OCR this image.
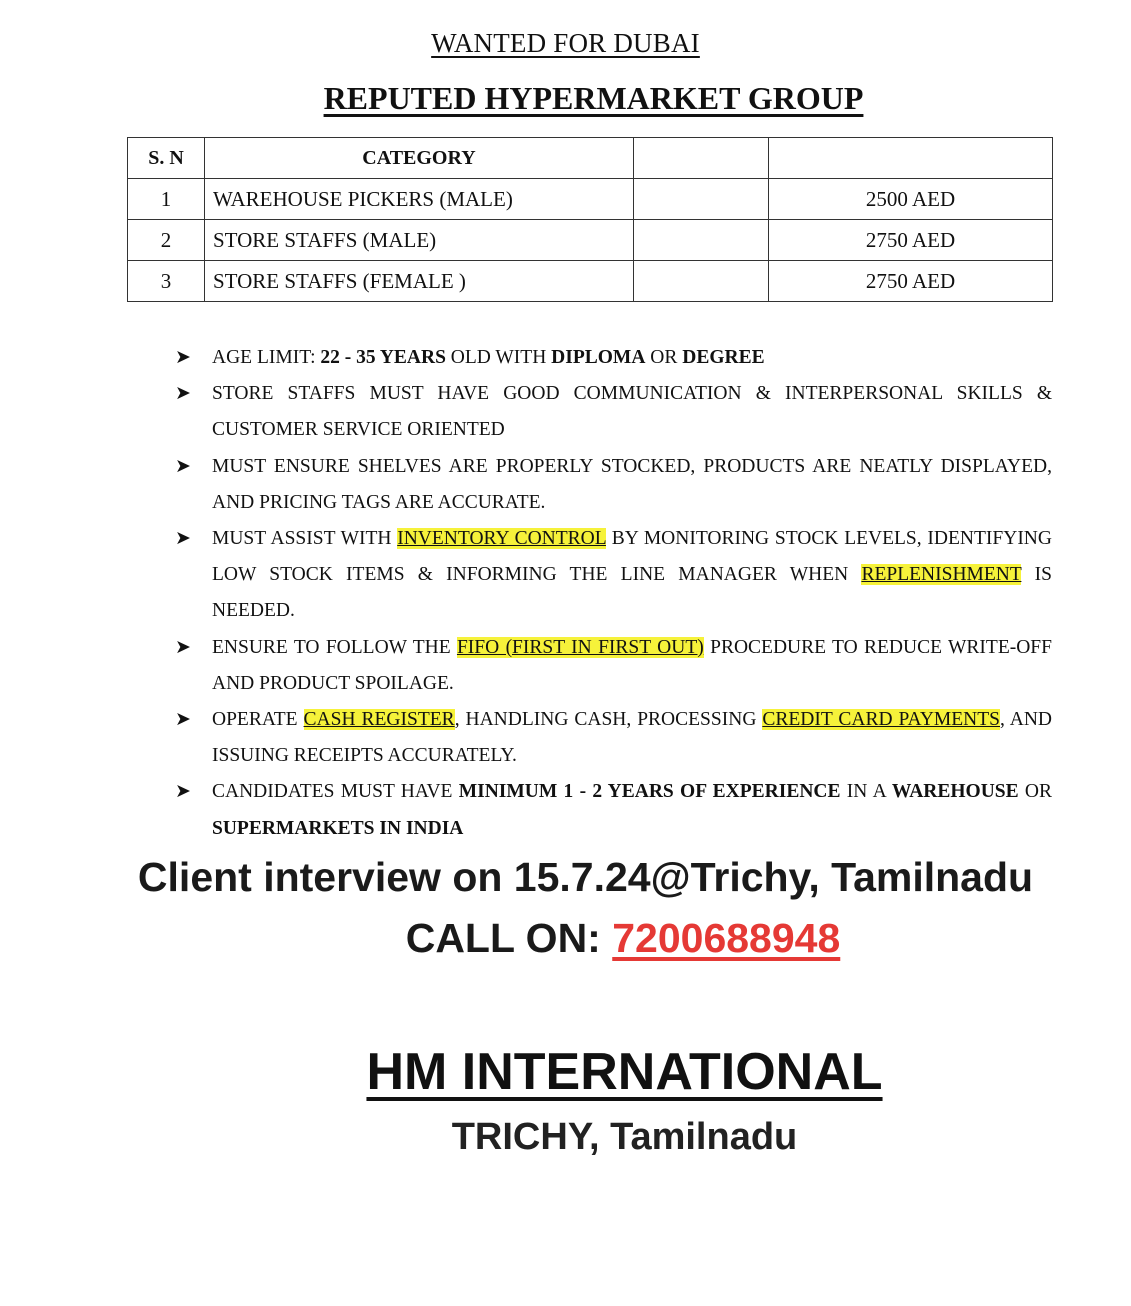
WANTED FOR DUBAI
REPUTED HYPERMARKET GROUP
S. N	CATEGORY		
1	WAREHOUSE PICKERS (MALE)		2500 AED
2	STORE STAFFS (MALE)		2750 AED
3	STORE STAFFS (FEMALE )		2750 AED
➤ AGE LIMIT: 22 - 35 YEARS OLD WITH DIPLOMA OR DEGREE
➤ STORE STAFFS MUST HAVE GOOD COMMUNICATION & INTERPERSONAL SKILLS & CUSTOMER SERVICE ORIENTED
➤ MUST ENSURE SHELVES ARE PROPERLY STOCKED, PRODUCTS ARE NEATLY DISPLAYED, AND PRICING TAGS ARE ACCURATE.
➤ MUST ASSIST WITH INVENTORY CONTROL BY MONITORING STOCK LEVELS, IDENTIFYING LOW STOCK ITEMS & INFORMING THE LINE MANAGER WHEN REPLENISHMENT IS NEEDED.
➤ ENSURE TO FOLLOW THE FIFO (FIRST IN FIRST OUT) PROCEDURE TO REDUCE WRITE-OFF AND PRODUCT SPOILAGE.
➤ OPERATE CASH REGISTER, HANDLING CASH, PROCESSING CREDIT CARD PAYMENTS, AND ISSUING RECEIPTS ACCURATELY.
➤ CANDIDATES MUST HAVE MINIMUM 1 - 2 YEARS OF EXPERIENCE IN A WAREHOUSE OR SUPERMARKETS IN INDIA
Client interview on 15.7.24@Trichy, Tamilnadu
CALL ON: 7200688948
HM INTERNATIONAL
TRICHY, Tamilnadu
